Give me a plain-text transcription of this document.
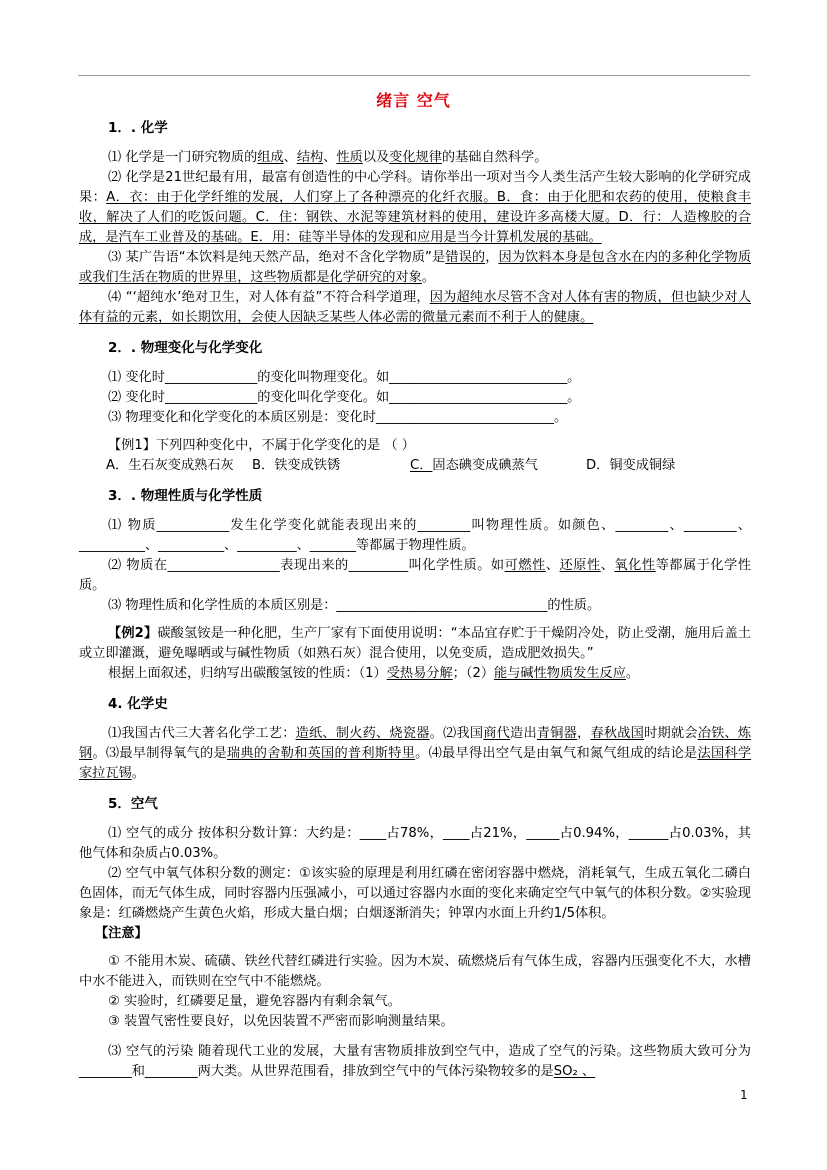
绪言 空气

1．. 化学

⑴ 化学是一门研究物质的组成、结构、性质以及变化规律的基础自然科学。

⑵ 化学是21世纪最有用，最富有创造性的中心学科。请你举出一项对当今人类生活产生较大影响的化学研究成果：A．衣：由于化学纤维的发展，人们穿上了各种漂亮的化纤衣服。B．食：由于化肥和农药的使用，使粮食丰收，解决了人们的吃饭问题。C．住：钢铁、水泥等建筑材料的使用，建设许多高楼大厦。D．行：人造橡胶的合成，是汽车工业普及的基础。E．用：硅等半导体的发现和应用是当今计算机发展的基础。

⑶ 某广告语“本饮料是纯天然产品，绝对不含化学物质”是错误的，因为饮料本身是包含水在内的多种化学物质或我们生活在物质的世界里，这些物质都是化学研究的对象。

⑷ “‘超纯水’绝对卫生，对人体有益”不符合科学道理，因为超纯水尽管不含对人体有害的物质，但也缺少对人体有益的元素，如长期饮用，会使人因缺乏某些人体必需的微量元素而不利于人的健康。

2．. 物理变化与化学变化

⑴ 变化时______________的变化叫物理变化。如___________________________。

⑵ 变化时______________的变化叫化学变化。如___________________________。

⑶ 物理变化和化学变化的本质区别是：变化时___________________________。

【例1】下列四种变化中，不属于化学变化的是 （ ）

A．生石灰变成熟石灰	B．铁变成铁锈	C．固态碘变成碘蒸气	D．铜变成铜绿

3．. 物理性质与化学性质

⑴ 物质___________发生化学变化就能表现出来的________叫物理性质。如颜色、________、________、__________、__________、_________、_______等都属于物理性质。

⑵ 物质在_________________表现出来的_________叫化学性质。如可燃性、还原性、氧化性等都属于化学性质。

⑶ 物理性质和化学性质的本质区别是：________________________________的性质。

【例2】碳酸氢铵是一种化肥，生产厂家有下面使用说明：“本品宜存贮于干燥阴冷处，防止受潮，施用后盖土或立即灌溉，避免曝晒或与碱性物质（如熟石灰）混合使用，以免变质，造成肥效损失。”

根据上面叙述，归纳写出碳酸氢铵的性质：（1）受热易分解；（2）能与碱性物质发生反应。

4. 化学史

⑴我国古代三大著名化学工艺：造纸、制火药、烧瓷器。⑵我国商代造出青铜器，春秋战国时期就会冶铁、炼钢。⑶最早制得氧气的是瑞典的舍勒和英国的普利斯特里。⑷最早得出空气是由氧气和氮气组成的结论是法国科学家拉瓦锡。

5．空气

⑴ 空气的成分 按体积分数计算：大约是：____占78%，____占21%，_____占0.94%，______占0.03%，其他气体和杂质占0.03%。

⑵ 空气中氧气体积分数的测定：①该实验的原理是利用红磷在密闭容器中燃烧，消耗氧气，生成五氧化二磷白色固体，而无气体生成，同时容器内压强减小，可以通过容器内水面的变化来确定空气中氧气的体积分数。②实验现象是：红磷燃烧产生黄色火焰，形成大量白烟；白烟逐渐消失；钟罩内水面上升约1/5体积。

【注意】

① 不能用木炭、硫磺、铁丝代替红磷进行实验。因为木炭、硫燃烧后有气体生成，容器内压强变化不大，水槽中水不能进入，而铁则在空气中不能燃烧。

② 实验时，红磷要足量，避免容器内有剩余氧气。

③ 装置气密性要良好，以免因装置不严密而影响测量结果。

⑶ 空气的污染 随着现代工业的发展，大量有害物质排放到空气中，造成了空气的污染。这些物质大致可分为________和________两大类。从世界范围看，排放到空气中的气体污染物较多的是SO₂ 、

1
